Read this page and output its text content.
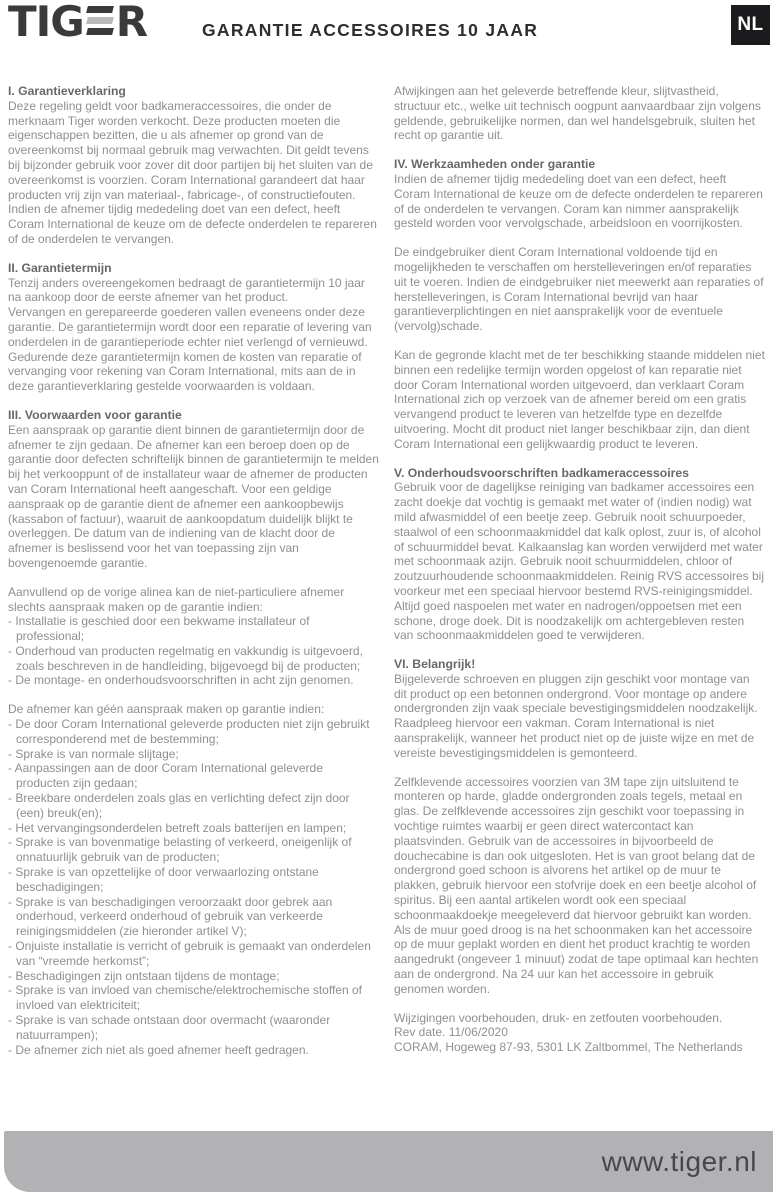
TIG R	GARANTIE ACCESSOIRES 10 JAAR	NL
I. Garantieverklaring

Deze regeling geldt voor badkameraccessoires, die onder de merknaam Tiger worden verkocht. Deze producten moeten die eigenschappen bezitten, die u als afnemer op grond van de overeenkomst bij normaal gebruik mag verwachten. Dit geldt tevens bij bijzonder gebruik voor zover dit door partijen bij het sluiten van de overeenkomst is voorzien. Coram International garandeert dat haar producten vrij zijn van materiaal-, fabricage-, of constructiefouten. Indien de afnemer tijdig mededeling doet van een defect, heeft Coram International de keuze om de defecte onderdelen te repareren of de onderdelen te vervangen.

II. Garantietermijn

Tenzij anders overeengekomen bedraagt de garantietermijn 10 jaar na aankoop door de eerste afnemer van het product.

Vervangen en gerepareerde goederen vallen eveneens onder deze garantie. De garantietermijn wordt door een reparatie of levering van onderdelen in de garantieperiode echter niet verlengd of vernieuwd.

Gedurende deze garantietermijn komen de kosten van reparatie of vervanging voor rekening van Coram International, mits aan de in deze garantieverklaring gestelde voorwaarden is voldaan.

III. Voorwaarden voor garantie

Een aanspraak op garantie dient binnen de garantietermijn door de afnemer te zijn gedaan. De afnemer kan een beroep doen op de garantie door defecten schriftelijk binnen de garantietermijn te melden bij het verkooppunt of de installateur waar de afnemer de producten van Coram International heeft aangeschaft. Voor een geldige aanspraak op de garantie dient de afnemer een aankoopbewijs (kassabon of factuur), waaruit de aankoopdatum duidelijk blijkt te overleggen. De datum van de indiening van de klacht door de afnemer is beslissend voor het van toepassing zijn van bovengenoemde garantie.

Aanvullend op de vorige alinea kan de niet-particuliere afnemer slechts aanspraak maken op de garantie indien:

- Installatie is geschied door een bekwame installateur of professional;
- Onderhoud van producten regelmatig en vakkundig is uitgevoerd, zoals beschreven in de handleiding, bijgevoegd bij de producten;
- De montage- en onderhoudsvoorschriften in acht zijn genomen.

De afnemer kan géén aanspraak maken op garantie indien:

- De door Coram International geleverde producten niet zijn gebruikt corresponderend met de bestemming;
- Sprake is van normale slijtage;
- Aanpassingen aan de door Coram International geleverde producten zijn gedaan;
- Breekbare onderdelen zoals glas en verlichting defect zijn door (een) breuk(en);
- Het vervangingsonderdelen betreft zoals batterijen en lampen;
- Sprake is van bovenmatige belasting of verkeerd, oneigenlijk of onnatuurlijk gebruik van de producten;
- Sprake is van opzettelijke of door verwaarlozing ontstane beschadigingen;
- Sprake is van beschadigingen veroorzaakt door gebrek aan onderhoud, verkeerd onderhoud of gebruik van verkeerde reinigingsmiddelen (zie hieronder artikel V);
- Onjuiste installatie is verricht of gebruik is gemaakt van onderdelen van “vreemde herkomst”;
- Beschadigingen zijn ontstaan tijdens de montage;
- Sprake is van invloed van chemische/elektrochemische stoffen of invloed van elektriciteit;
- Sprake is van schade ontstaan door overmacht (waaronder natuurrampen);
- De afnemer zich niet als goed afnemer heeft gedragen.

Afwijkingen aan het geleverde betreffende kleur, slijtvastheid, structuur etc., welke uit technisch oogpunt aanvaardbaar zijn volgens geldende, gebruikelijke normen, dan wel handelsgebruik, sluiten het recht op garantie uit.

IV. Werkzaamheden onder garantie

Indien de afnemer tijdig mededeling doet van een defect, heeft Coram International de keuze om de defecte onderdelen te repareren of de onderdelen te vervangen. Coram kan nimmer aansprakelijk gesteld worden voor vervolgschade, arbeidsloon en voorrijkosten.

De eindgebruiker dient Coram International voldoende tijd en mogelijkheden te verschaffen om herstelleveringen en/of reparaties uit te voeren. Indien de eindgebruiker niet meewerkt aan reparaties of herstelleveringen, is Coram International bevrijd van haar garantieverplichtingen en niet aansprakelijk voor de eventuele (vervolg)schade.

Kan de gegronde klacht met de ter beschikking staande middelen niet binnen een redelijke termijn worden opgelost of kan reparatie niet door Coram International worden uitgevoerd, dan verklaart Coram International zich op verzoek van de afnemer bereid om een gratis vervangend product te leveren van hetzelfde type en dezelfde uitvoering. Mocht dit product niet langer beschikbaar zijn, dan dient Coram International een gelijkwaardig product te leveren.

V. Onderhoudsvoorschriften badkameraccessoires

Gebruik voor de dagelijkse reiniging van badkamer accessoires een zacht doekje dat vochtig is gemaakt met water of (indien nodig) wat mild afwasmiddel of een beetje zeep. Gebruik nooit schuurpoeder, staalwol of een schoonmaakmiddel dat kalk oplost, zuur is, of alcohol of schuurmiddel bevat. Kalkaanslag kan worden verwijderd met water met schoonmaak azijn. Gebruik nooit schuurmiddelen, chloor of zoutzuurhoudende schoonmaakmiddelen. Reinig RVS accessoires bij voorkeur met een speciaal hiervoor bestemd RVS-reinigingsmiddel. Altijd goed naspoelen met water en nadrogen/oppoetsen met een schone, droge doek. Dit is noodzakelijk om achtergebleven resten van schoonmaakmiddelen goed te verwijderen.

VI. Belangrijk!

Bijgeleverde schroeven en pluggen zijn geschikt voor montage van dit product op een betonnen ondergrond. Voor montage op andere ondergronden zijn vaak speciale bevestigingsmiddelen noodzakelijk. Raadpleeg hiervoor een vakman. Coram International is niet aansprakelijk, wanneer het product niet op de juiste wijze en met de vereiste bevestigingsmiddelen is gemonteerd.

Zelfklevende accessoires voorzien van 3M tape zijn uitsluitend te monteren op harde, gladde ondergronden zoals tegels, metaal en glas. De zelfklevende accessoires zijn geschikt voor toepassing in vochtige ruimtes waarbij er geen direct watercontact kan plaatsvinden. Gebruik van de accessoires in bijvoorbeeld de douchecabine is dan ook uitgesloten. Het is van groot belang dat de ondergrond goed schoon is alvorens het artikel op de muur te plakken, gebruik hiervoor een stofvrije doek en een beetje alcohol of spiritus. Bij een aantal artikelen wordt ook een speciaal schoonmaakdoekje meegeleverd dat hiervoor gebruikt kan worden. Als de muur goed droog is na het schoonmaken kan het accessoire op de muur geplakt worden en dient het product krachtig te worden aangedrukt (ongeveer 1 minuut) zodat de tape optimaal kan hechten aan de ondergrond. Na 24 uur kan het accessoire in gebruik genomen worden.

Wijzigingen voorbehouden, druk- en zetfouten voorbehouden.

Rev date. 11/06/2020

CORAM, Hogeweg 87-93, 5301 LK Zaltbommel, The Netherlands

www.tiger.nl
